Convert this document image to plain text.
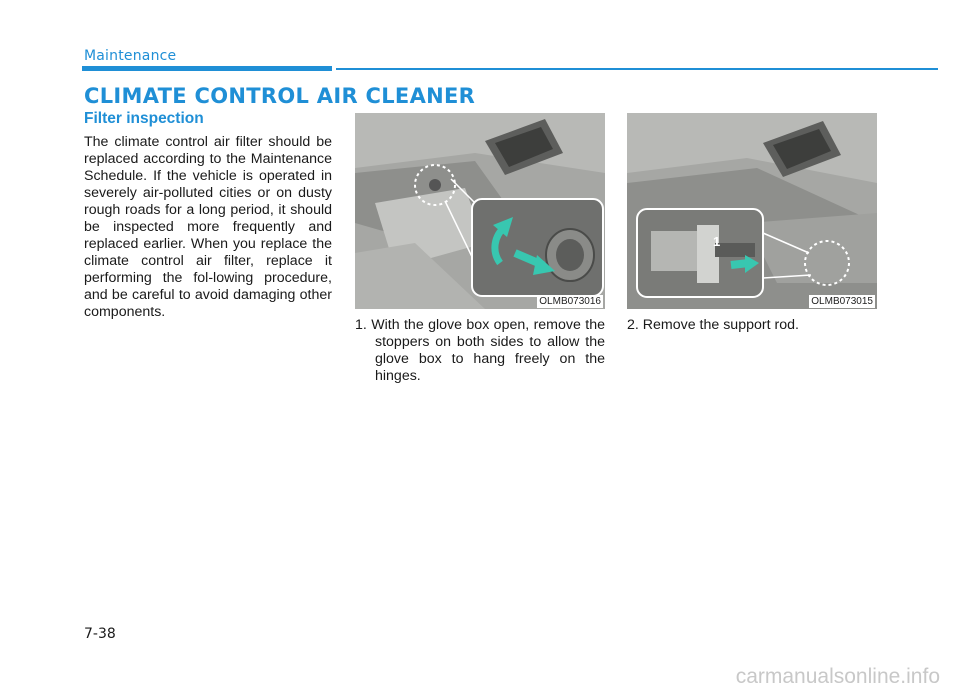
Maintenance
CLIMATE CONTROL AIR CLEANER
Filter inspection

The climate control air filter should be replaced according to the Maintenance Schedule. If the vehicle is operated in severely air-polluted cities or on dusty rough roads for a long period, it should be inspected more frequently and replaced earlier. When you replace the climate control air filter, replace it performing the fol-lowing procedure, and be careful to avoid damaging other components.

OLMB073016
1
OLMB073015
1. With the glove box open, remove the stoppers on both sides to allow the glove box to hang freely on the hinges.
2. Remove the support rod.
7-38
carmanualsonline.info
